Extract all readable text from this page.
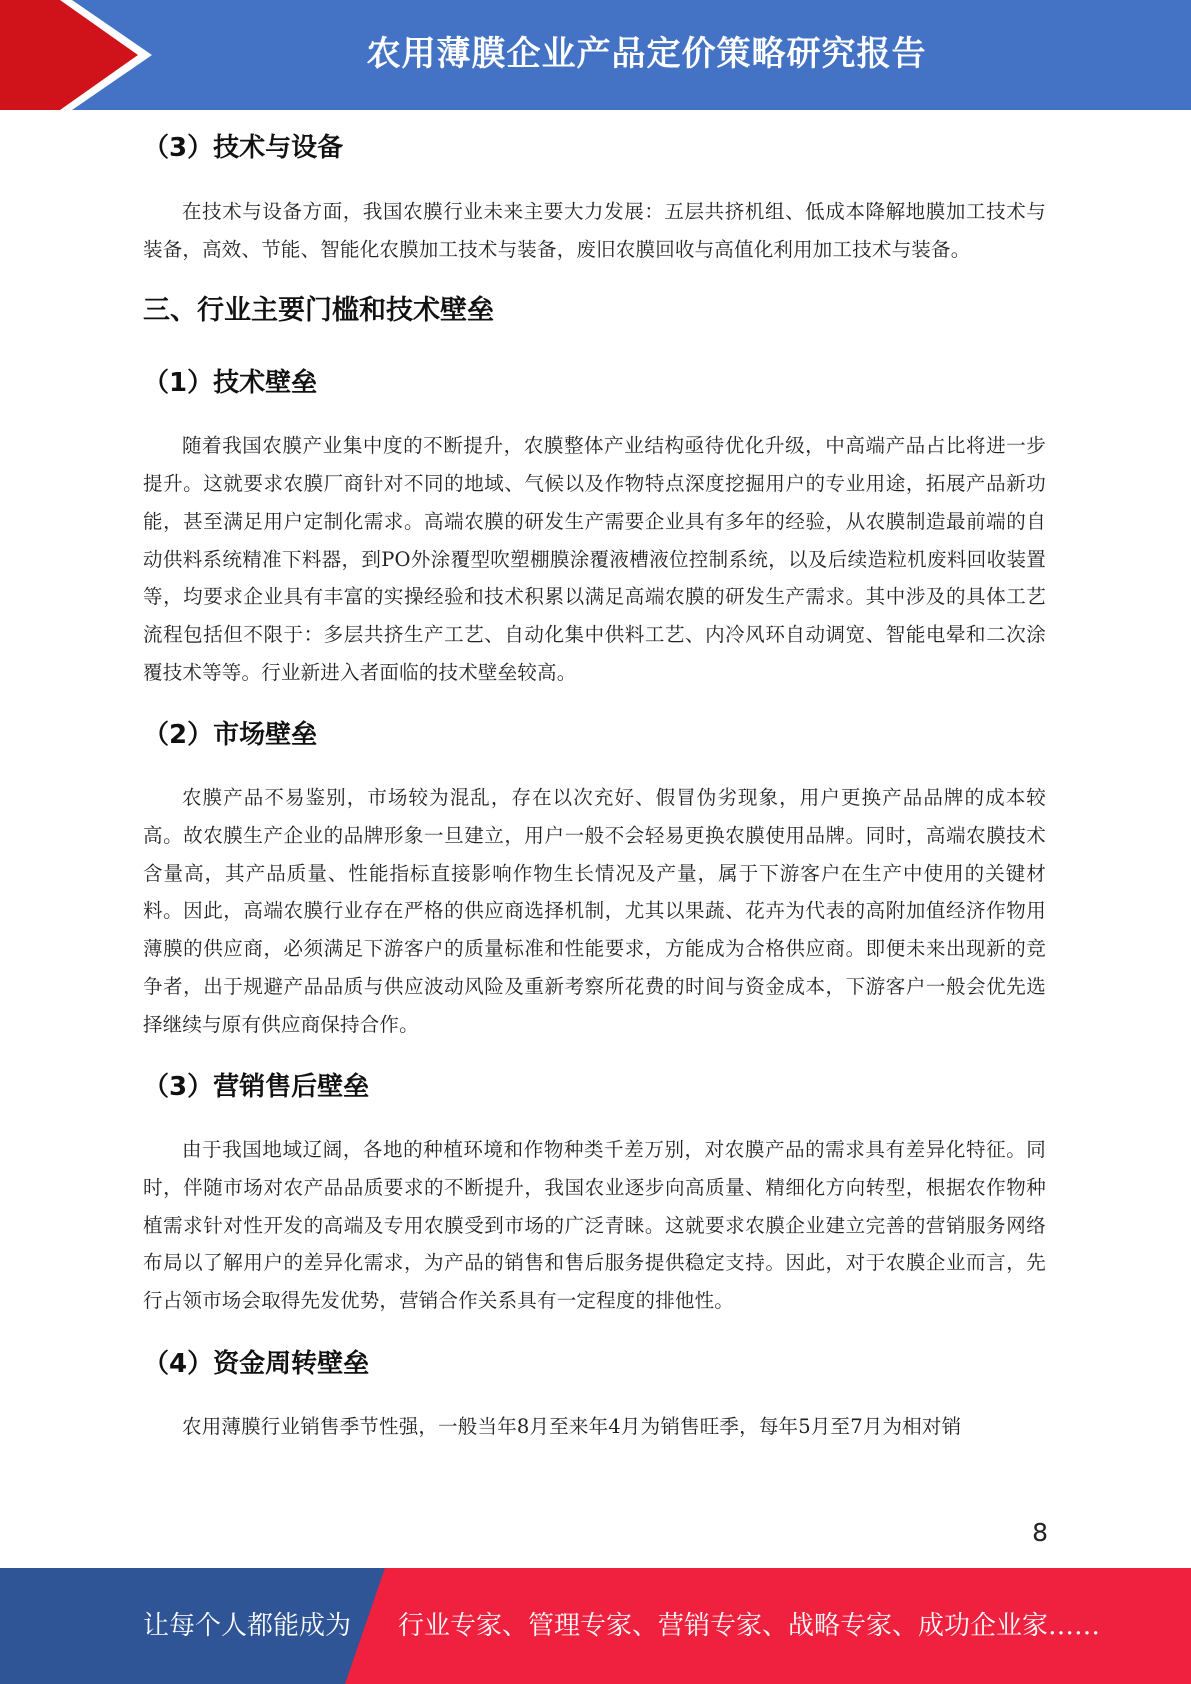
农用薄膜企业产品定价策略研究报告
（3）技术与设备

在技术与设备方面，我国农膜行业未来主要大力发展：五层共挤机组、低成本降解地膜加工技术与装备，高效、节能、智能化农膜加工技术与装备，废旧农膜回收与高值化利用加工技术与装备。

三、行业主要门槛和技术壁垒
（1）技术壁垒

随着我国农膜产业集中度的不断提升，农膜整体产业结构亟待优化升级，中高端产品占比将进一步提升。这就要求农膜厂商针对不同的地域、气候以及作物特点深度挖掘用户的专业用途，拓展产品新功能，甚至满足用户定制化需求。高端农膜的研发生产需要企业具有多年的经验，从农膜制造最前端的自动供料系统精准下料器，到PO外涂覆型吹塑棚膜涂覆液槽液位控制系统，以及后续造粒机废料回收装置等，均要求企业具有丰富的实操经验和技术积累以满足高端农膜的研发生产需求。其中涉及的具体工艺流程包括但不限于：多层共挤生产工艺、自动化集中供料工艺、内冷风环自动调宽、智能电晕和二次涂覆技术等等。行业新进入者面临的技术壁垒较高。

（2）市场壁垒

农膜产品不易鉴别，市场较为混乱，存在以次充好、假冒伪劣现象，用户更换产品品牌的成本较高。故农膜生产企业的品牌形象一旦建立，用户一般不会轻易更换农膜使用品牌。同时，高端农膜技术含量高，其产品质量、性能指标直接影响作物生长情况及产量，属于下游客户在生产中使用的关键材料。因此，高端农膜行业存在严格的供应商选择机制，尤其以果蔬、花卉为代表的高附加值经济作物用薄膜的供应商，必须满足下游客户的质量标准和性能要求，方能成为合格供应商。即便未来出现新的竞争者，出于规避产品品质与供应波动风险及重新考察所花费的时间与资金成本，下游客户一般会优先选择继续与原有供应商保持合作。

（3）营销售后壁垒

由于我国地域辽阔，各地的种植环境和作物种类千差万别，对农膜产品的需求具有差异化特征。同时，伴随市场对农产品品质要求的不断提升，我国农业逐步向高质量、精细化方向转型，根据农作物种植需求针对性开发的高端及专用农膜受到市场的广泛青睐。这就要求农膜企业建立完善的营销服务网络布局以了解用户的差异化需求，为产品的销售和售后服务提供稳定支持。因此，对于农膜企业而言，先行占领市场会取得先发优势，营销合作关系具有一定程度的排他性。

（4）资金周转壁垒

农用薄膜行业销售季节性强，一般当年8月至来年4月为销售旺季，每年5月至7月为相对销

8
让每个人都能成为 行业专家、管理专家、营销专家、战略专家、成功企业家……
